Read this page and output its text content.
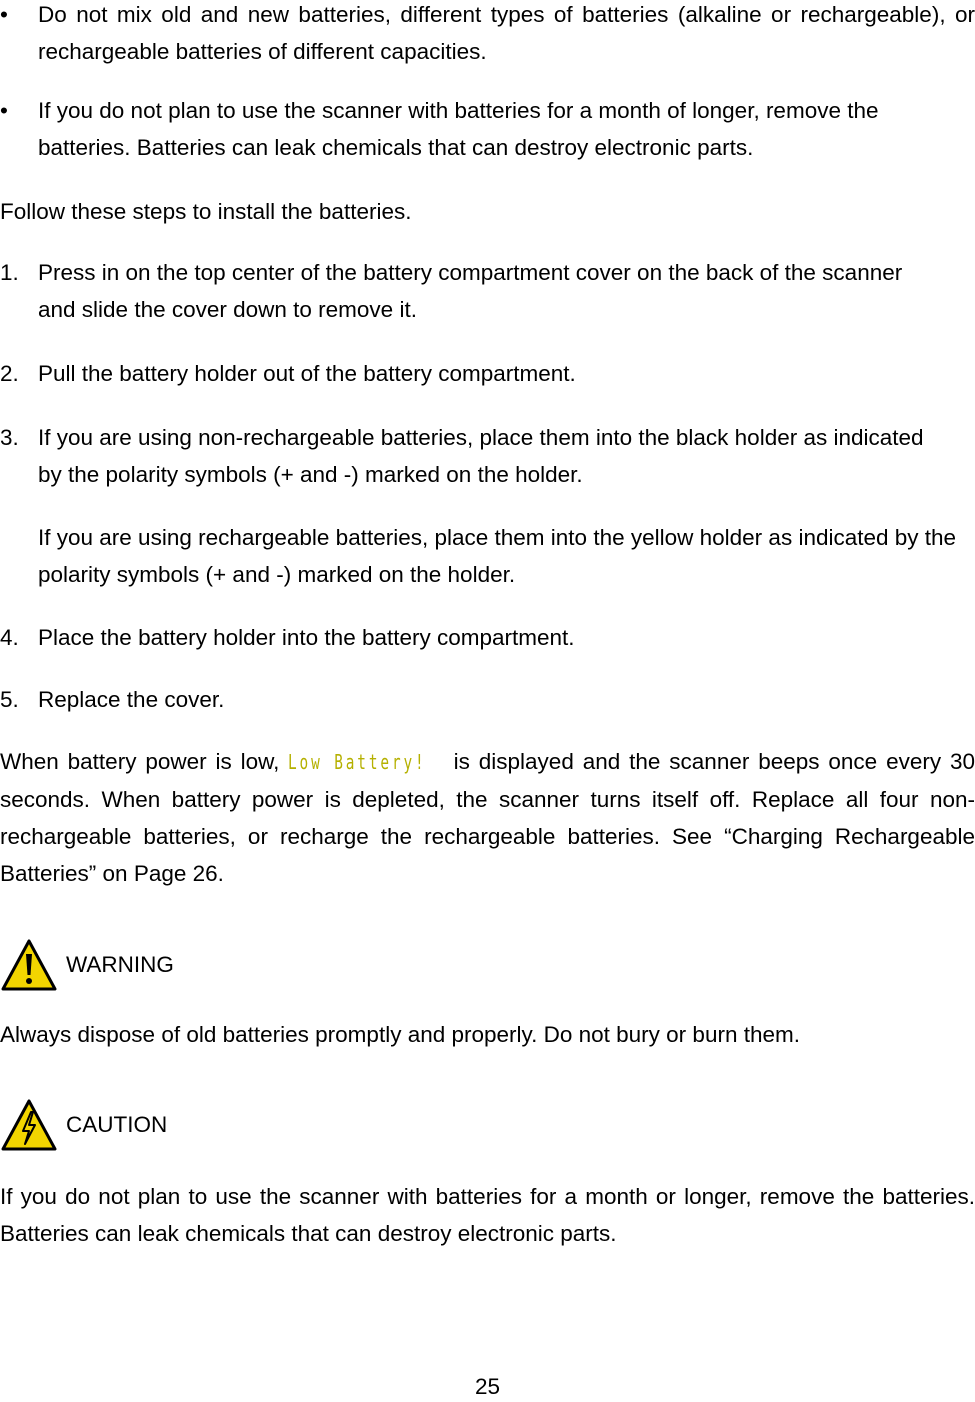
•	Do not mix old and new batteries, different types of batteries (alkaline or rechargeable), or rechargeable batteries of different capacities.
•	If you do not plan to use the scanner with batteries for a month of longer, remove the batteries. Batteries can leak chemicals that can destroy electronic parts.
Follow these steps to install the batteries.
1. Press in on the top center of the battery compartment cover on the back of the scanner and slide the cover down to remove it.
2. Pull the battery holder out of the battery compartment.
3. If you are using non-rechargeable batteries, place them into the black holder as indicated by the polarity symbols (+ and -) marked on the holder.
If you are using rechargeable batteries, place them into the yellow holder as indicated by the polarity symbols (+ and -) marked on the holder.
4. Place the battery holder into the battery compartment.
5. Replace the cover.
When battery power is low, Low Battery! is displayed and the scanner beeps once every 30 seconds. When battery power is depleted, the scanner turns itself off. Replace all four non-rechargeable batteries, or recharge the rechargeable batteries. See “Charging Rechargeable Batteries” on Page 26.
WARNING
Always dispose of old batteries promptly and properly. Do not bury or burn them.
CAUTION
If you do not plan to use the scanner with batteries for a month or longer, remove the batteries. Batteries can leak chemicals that can destroy electronic parts.
25
